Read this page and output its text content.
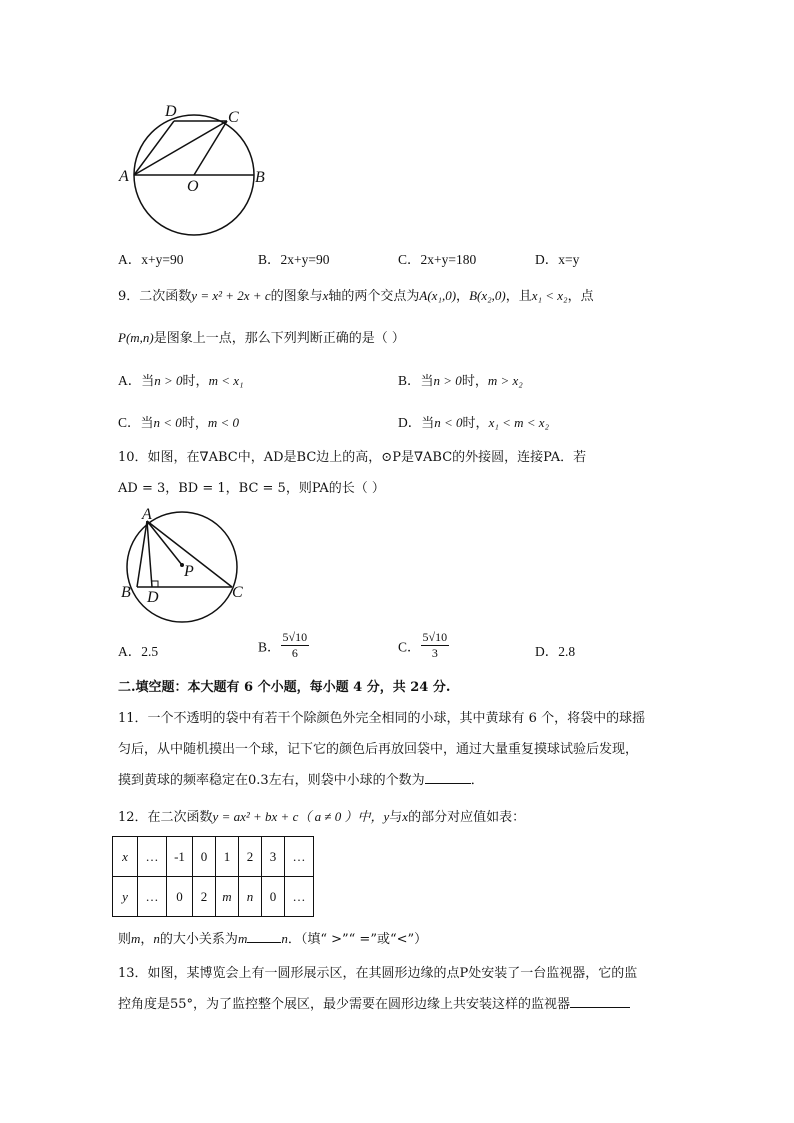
D	C
A
O
B
A．x+y=90	B．2x+y=90	C．2x+y=180	D．x=y
9．二次函数y = x² + 2x + c的图象与x轴的两个交点为A(x₁,0)，B(x₂,0)，且x₁ < x₂，点
P(m,n)是图象上一点，那么下列判断正确的是（ ）
A．当n > 0时，m < x₁	B．当n > 0时，m > x₂
C．当n < 0时，m < 0	D．当n < 0时，x₁ < m < x₂
10．如图，在∇ABC中，AD是BC边上的高，⊙P是∇ABC的外接圆，连接PA．若
AD = 3，BD = 1，BC = 5，则PA的长（ ）
A
P
B D	C
A．2.5	B． $\frac{5√10}{6}$	C． $\frac{5√10}{3}$	D．2.8
二.填空题：本大题有 6 个小题，每小题 4 分，共 24 分.
11．一个不透明的袋中有若干个除颜色外完全相同的小球，其中黄球有 6 个，将袋中的球摇
匀后，从中随机摸出一个球，记下它的颜色后再放回袋中，通过大量重复摸球试验后发现，
摸到黄球的频率稳定在0.3左右，则袋中小球的个数为	．
12．在二次函数y = ax² + bx + c（ a ≠ 0 ）中，y与x的部分对应值如表：
x	…	-1	0	1	2	3	…
y	…	0	2	m	n	0	…
则m，n的大小关系为m	n．（填“ >”“ =”或“<”）
13．如图，某博览会上有一圆形展示区，在其圆形边缘的点P处安装了一台监视器，它的监
控角度是55°，为了监控整个展区，最少需要在圆形边缘上共安装这样的监视器
